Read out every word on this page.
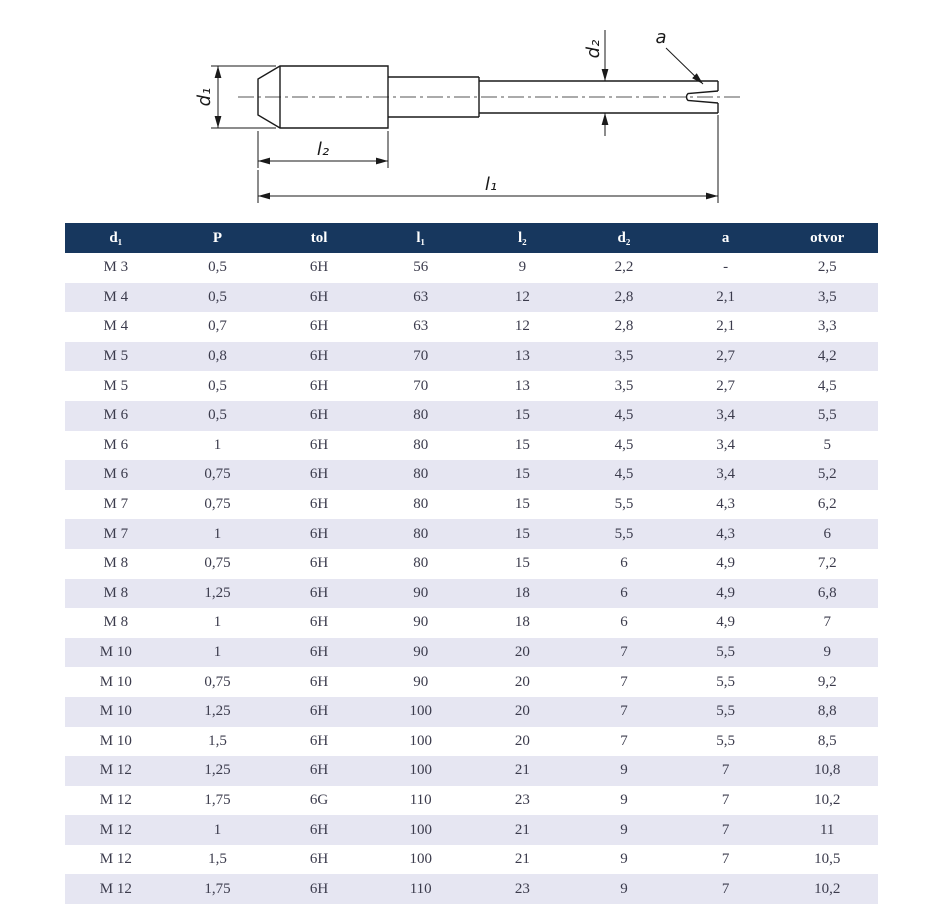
d₁
l₂
l₁
d₂
a
d₁	P	tol	l₁	l₂	d₂	a	otvor
M 3	0,5	6H	56	9	2,2	-	2,5
M 4	0,5	6H	63	12	2,8	2,1	3,5
M 4	0,7	6H	63	12	2,8	2,1	3,3
M 5	0,8	6H	70	13	3,5	2,7	4,2
M 5	0,5	6H	70	13	3,5	2,7	4,5
M 6	0,5	6H	80	15	4,5	3,4	5,5
M 6	1	6H	80	15	4,5	3,4	5
M 6	0,75	6H	80	15	4,5	3,4	5,2
M 7	0,75	6H	80	15	5,5	4,3	6,2
M 7	1	6H	80	15	5,5	4,3	6
M 8	0,75	6H	80	15	6	4,9	7,2
M 8	1,25	6H	90	18	6	4,9	6,8
M 8	1	6H	90	18	6	4,9	7
M 10	1	6H	90	20	7	5,5	9
M 10	0,75	6H	90	20	7	5,5	9,2
M 10	1,25	6H	100	20	7	5,5	8,8
M 10	1,5	6H	100	20	7	5,5	8,5
M 12	1,25	6H	100	21	9	7	10,8
M 12	1,75	6G	110	23	9	7	10,2
M 12	1	6H	100	21	9	7	11
M 12	1,5	6H	100	21	9	7	10,5
M 12	1,75	6H	110	23	9	7	10,2
